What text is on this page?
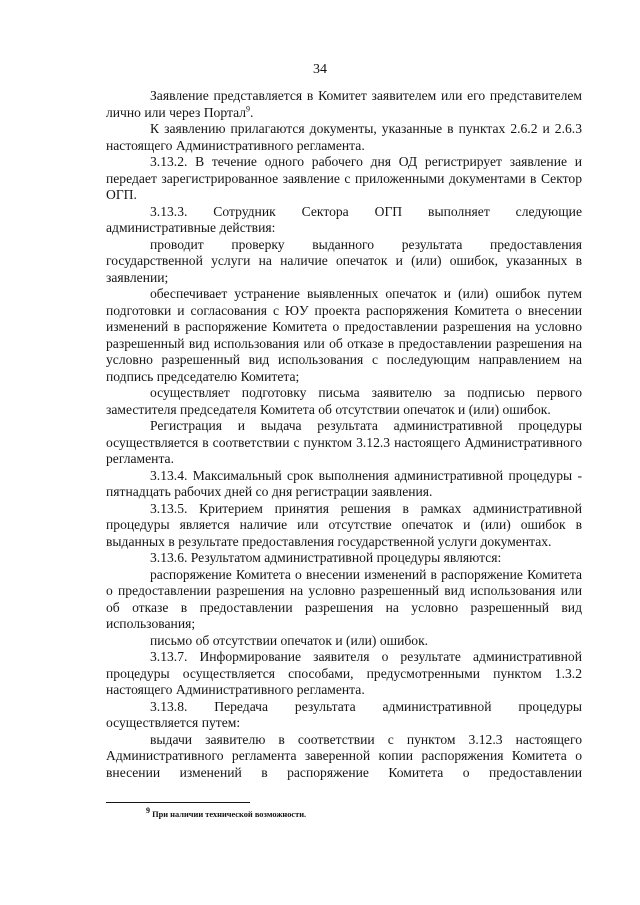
34

Заявление представляется в Комитет заявителем или его представителем лично или через Портал$^9$.

К заявлению прилагаются документы, указанные в пунктах 2.6.2 и 2.6.3 настоящего Административного регламента.

3.13.2. В течение одного рабочего дня ОД регистрирует заявление и передает зарегистрированное заявление с приложенными документами в Сектор ОГП.

3.13.3. Сотрудник Сектора ОГП выполняет следующие административные действия:

проводит проверку выданного результата предоставления государственной услуги на наличие опечаток и (или) ошибок, указанных в заявлении;

обеспечивает устранение выявленных опечаток и (или) ошибок путем подготовки и согласования с ЮУ проекта распоряжения Комитета о внесении изменений в распоряжение Комитета о предоставлении разрешения на условно разрешенный вид использования или об отказе в предоставлении разрешения на условно разрешенный вид использования с последующим направлением на подпись председателю Комитета;

осуществляет подготовку письма заявителю за подписью первого заместителя председателя Комитета об отсутствии опечаток и (или) ошибок.

Регистрация и выдача результата административной процедуры осуществляется в соответствии с пунктом 3.12.3 настоящего Административного регламента.

3.13.4. Максимальный срок выполнения административной процедуры - пятнадцать рабочих дней со дня регистрации заявления.

3.13.5. Критерием принятия решения в рамках административной процедуры является наличие или отсутствие опечаток и (или) ошибок в выданных в результате предоставления государственной услуги документах.

3.13.6. Результатом административной процедуры являются:

распоряжение Комитета о внесении изменений в распоряжение Комитета о предоставлении разрешения на условно разрешенный вид использования или об отказе в предоставлении разрешения на условно разрешенный вид использования;

письмо об отсутствии опечаток и (или) ошибок.

3.13.7. Информирование заявителя о результате административной процедуры осуществляется способами, предусмотренными пунктом 1.3.2 настоящего Административного регламента.

3.13.8. Передача результата административной процедуры осуществляется путем:

выдачи заявителю в соответствии с пунктом 3.12.3 настоящего Административного регламента заверенной копии распоряжения Комитета о внесении изменений в распоряжение Комитета о предоставлении

$^9$ При наличии технической возможности.
